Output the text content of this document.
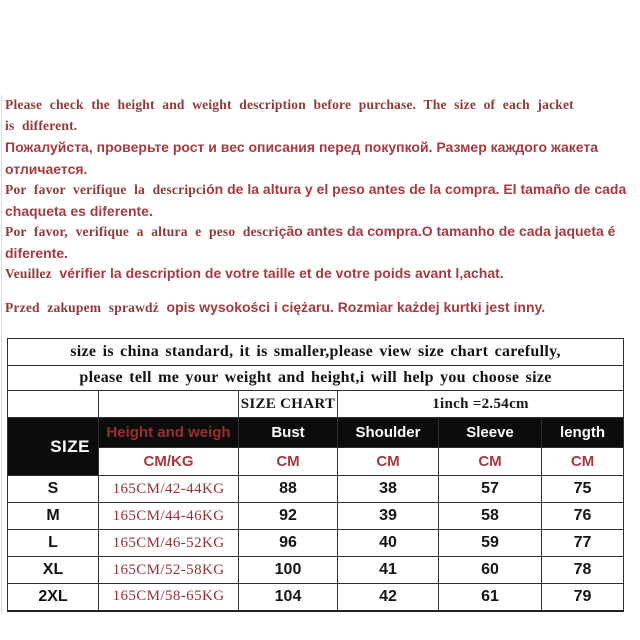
Please check the height and weight description before purchase. The size of each jacket
is different.

Пожалуйста, проверьте рост и вес описания перед покупкой. Размер каждого жакета
отличается.

Por favor verifique la descripción de la altura y el peso antes de la compra. El tamaño de cada
chaqueta es diferente.

Por favor, verifique a altura e peso descrição antes da compra.O tamanho de cada jaqueta é
diferente.

Veuillez vérifier la description de votre taille et de votre poids avant l‚achat.

Przed zakupem sprawdź opis wysokości i ciężaru. Rozmiar każdej kurtki jest inny.

size is china standard, it is smaller,please view size chart carefully,					
please tell me your weight and height,i will help you choose size					
		SIZE CHART	1inch =2.54cm		
SIZE	Height and weigh	Bust	Shoulder	Sleeve	length
	CM/KG	CM	CM	CM	CM
S	165CM/42-44KG	88	38	57	75
M	165CM/44-46KG	92	39	58	76
L	165CM/46-52KG	96	40	59	77
XL	165CM/52-58KG	100	41	60	78
2XL	165CM/58-65KG	104	42	61	79
